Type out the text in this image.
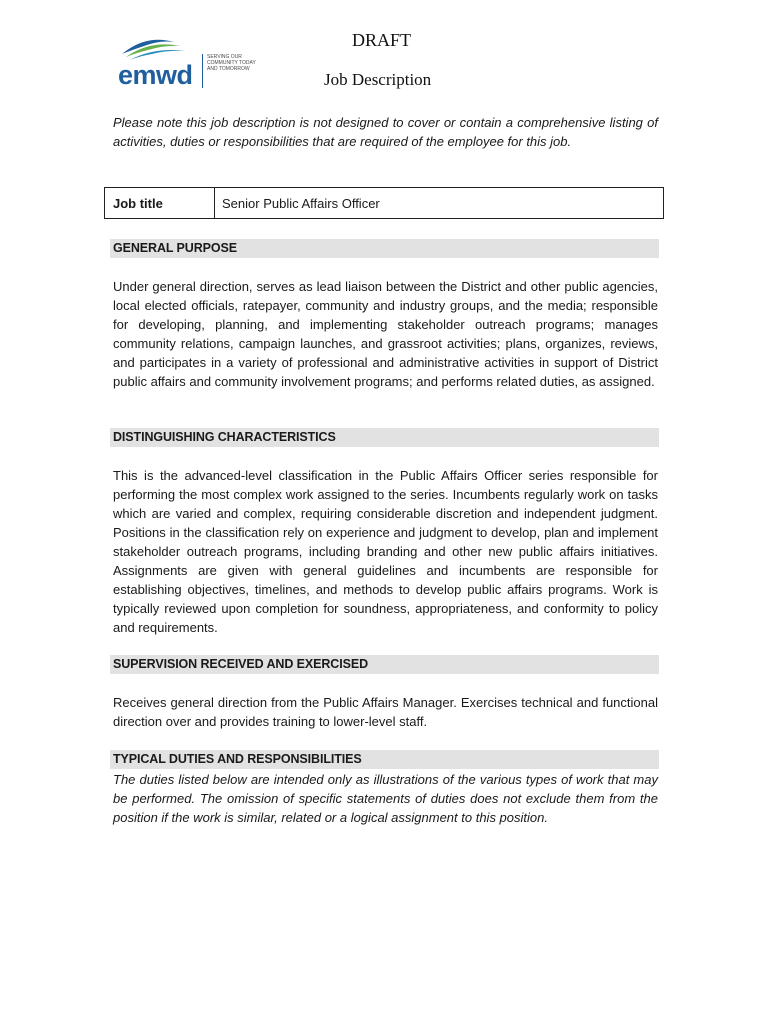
emwd
SERVING OUR COMMUNITY TODAY AND TOMORROW
DRAFT
Job Description
Please note this job description is not designed to cover or contain a comprehensive listing of activities, duties or responsibilities that are required of the employee for this job.
Job title	Senior Public Affairs Officer
GENERAL PURPOSE
Under general direction, serves as lead liaison between the District and other public agencies, local elected officials, ratepayer, community and industry groups, and the media; responsible for developing, planning, and implementing stakeholder outreach programs; manages community relations, campaign launches, and grassroot activities; plans, organizes, reviews, and participates in a variety of professional and administrative activities in support of District public affairs and community involvement programs; and performs related duties, as assigned.
DISTINGUISHING CHARACTERISTICS
This is the advanced-level classification in the Public Affairs Officer series responsible for performing the most complex work assigned to the series. Incumbents regularly work on tasks which are varied and complex, requiring considerable discretion and independent judgment. Positions in the classification rely on experience and judgment to develop, plan and implement stakeholder outreach programs, including branding and other new public affairs initiatives. Assignments are given with general guidelines and incumbents are responsible for establishing objectives, timelines, and methods to develop public affairs programs. Work is typically reviewed upon completion for soundness, appropriateness, and conformity to policy and requirements.
SUPERVISION RECEIVED AND EXERCISED
Receives general direction from the Public Affairs Manager. Exercises technical and functional direction over and provides training to lower-level staff.
TYPICAL DUTIES AND RESPONSIBILITIES
The duties listed below are intended only as illustrations of the various types of work that may be performed. The omission of specific statements of duties does not exclude them from the position if the work is similar, related or a logical assignment to this position.
